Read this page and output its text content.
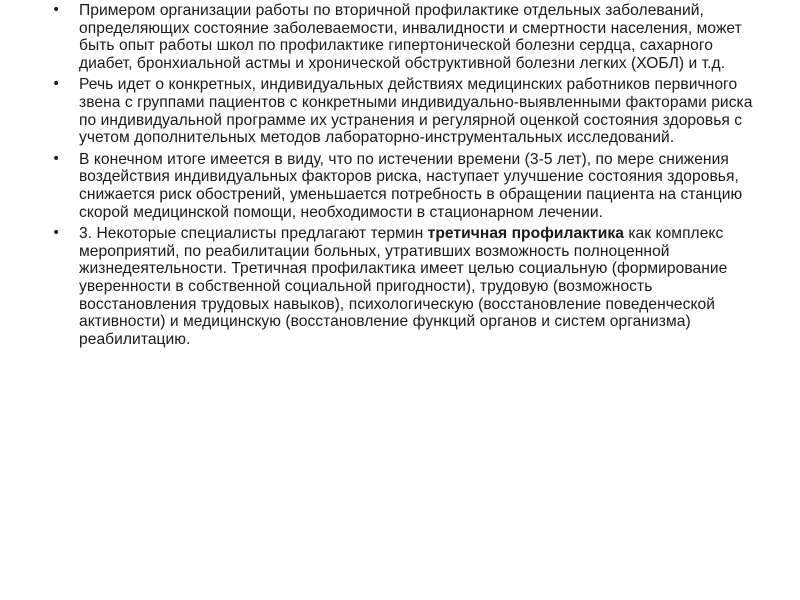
• Примером организации работы по вторичной профилактике отдельных заболеваний, определяющих состояние заболеваемости, инвалидности и смертности населения, может быть опыт работы школ по профилактике гипертонической болезни сердца, сахарного диабет, бронхиальной астмы и хронической обструктивной болезни легких (ХОБЛ) и т.д.
• Речь идет о конкретных, индивидуальных действиях медицинских работников первичного звена с группами пациентов с конкретными индивидуально-выявленными факторами риска по индивидуальной программе их устранения и регулярной оценкой состояния здоровья с учетом дополнительных методов лабораторно-инструментальных исследований.
• В конечном итоге имеется в виду, что по истечении времени (3-5 лет), по мере снижения воздействия индивидуальных факторов риска, наступает улучшение состояния здоровья, снижается риск обострений, уменьшается потребность в обращении пациента на станцию скорой медицинской помощи, необходимости в стационарном лечении.
• 3. Некоторые специалисты предлагают термин третичная профилактика как комплекс мероприятий, по реабилитации больных, утративших возможность полноценной жизнедеятельности. Третичная профилактика имеет целью социальную (формирование уверенности в собственной социальной пригодности), трудовую (возможность восстановления трудовых навыков), психологическую (восстановление поведенческой активности) и медицинскую (восстановление функций органов и систем организма) реабилитацию.
